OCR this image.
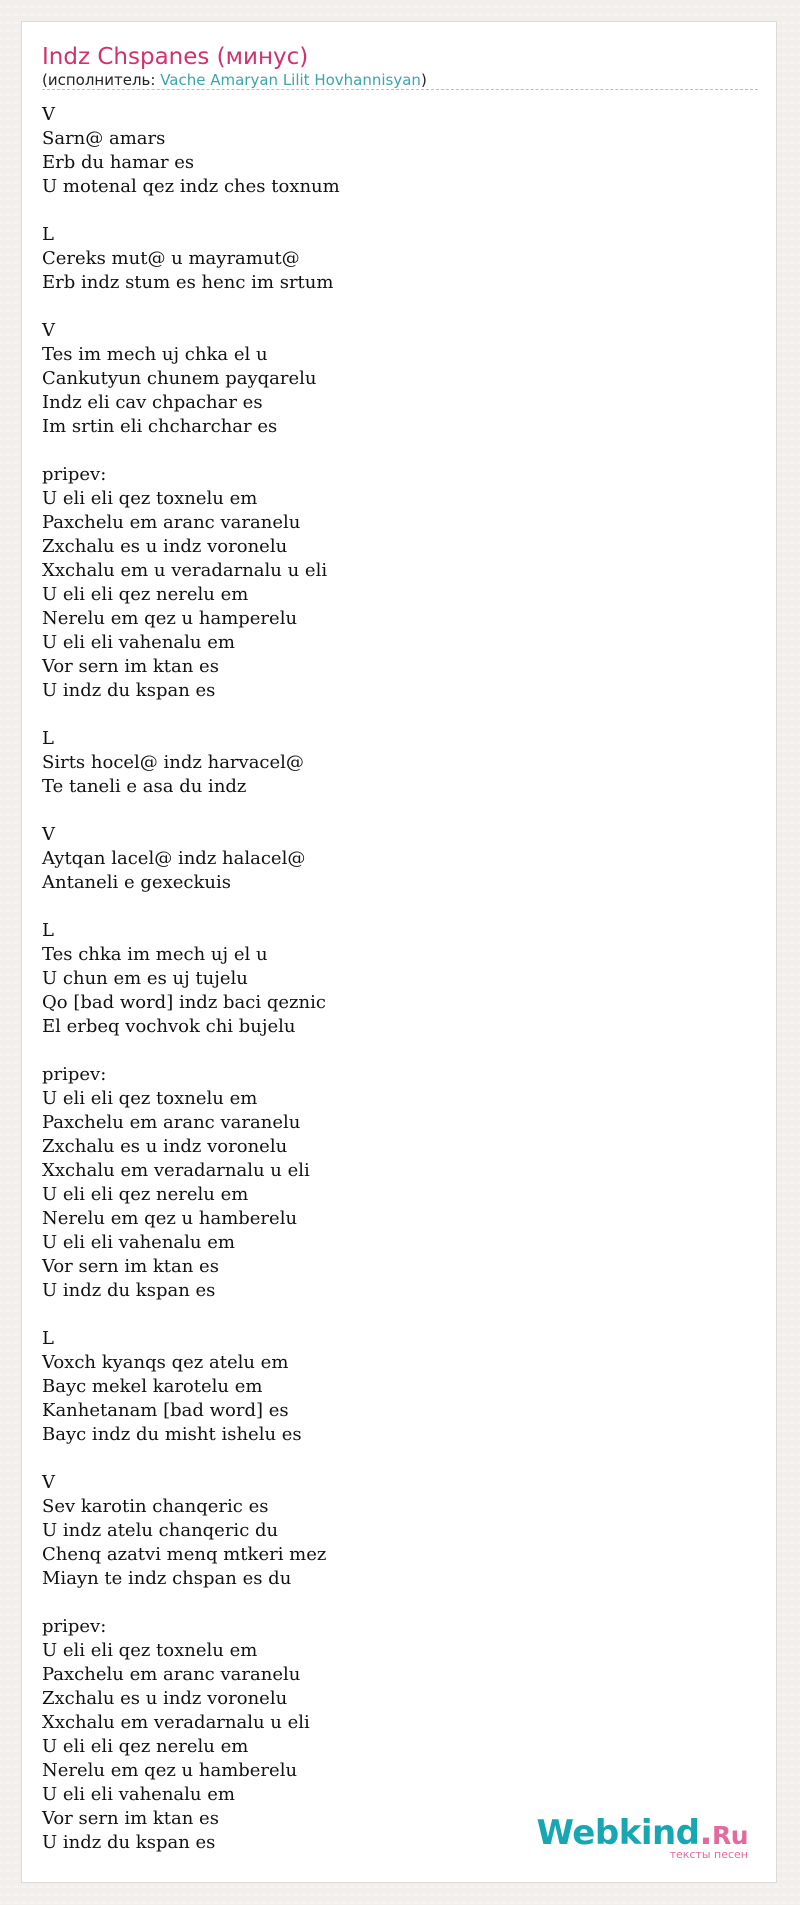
Indz Chspanes (минус)
(исполнитель: Vache Amaryan Lilit Hovhannisyan)
V
Sarn@ amars
Erb du hamar es
U motenal qez indz ches toxnum
L
Cereks mut@ u mayramut@
Erb indz stum es henc im srtum
V
Tes im mech uj chka el u
Cankutyun chunem payqarelu
Indz eli cav chpachar es
Im srtin eli chcharchar es
pripev:
U eli eli qez toxnelu em
Paxchelu em aranc varanelu
Zxchalu es u indz voronelu
Xxchalu em u veradarnalu u eli
U eli eli qez nerelu em
Nerelu em qez u hamperelu
U eli eli vahenalu em
Vor sern im ktan es
U indz du kspan es
L
Sirts hocel@ indz harvacel@
Te taneli e asa du indz
V
Aytqan lacel@ indz halacel@
Antaneli e gexeckuis
L
Tes chka im mech uj el u
U chun em es uj tujelu
Qo [bad word] indz baci qeznic
El erbeq vochvok chi bujelu
pripev:
U eli eli qez toxnelu em
Paxchelu em aranc varanelu
Zxchalu es u indz voronelu
Xxchalu em veradarnalu u eli
U eli eli qez nerelu em
Nerelu em qez u hamberelu
U eli eli vahenalu em
Vor sern im ktan es
U indz du kspan es
L
Voxch kyanqs qez atelu em
Bayc mekel karotelu em
Kanhetanam [bad word] es
Bayc indz du misht ishelu es
V
Sev karotin chanqeric es
U indz atelu chanqeric du
Chenq azatvi menq mtkeri mez
Miayn te indz chspan es du
pripev:
U eli eli qez toxnelu em
Paxchelu em aranc varanelu
Zxchalu es u indz voronelu
Xxchalu em veradarnalu u eli
U eli eli qez nerelu em
Nerelu em qez u hamberelu
U eli eli vahenalu em
Vor sern im ktan es
U indz du kspan es	Webkind.Ru
тексты песен
